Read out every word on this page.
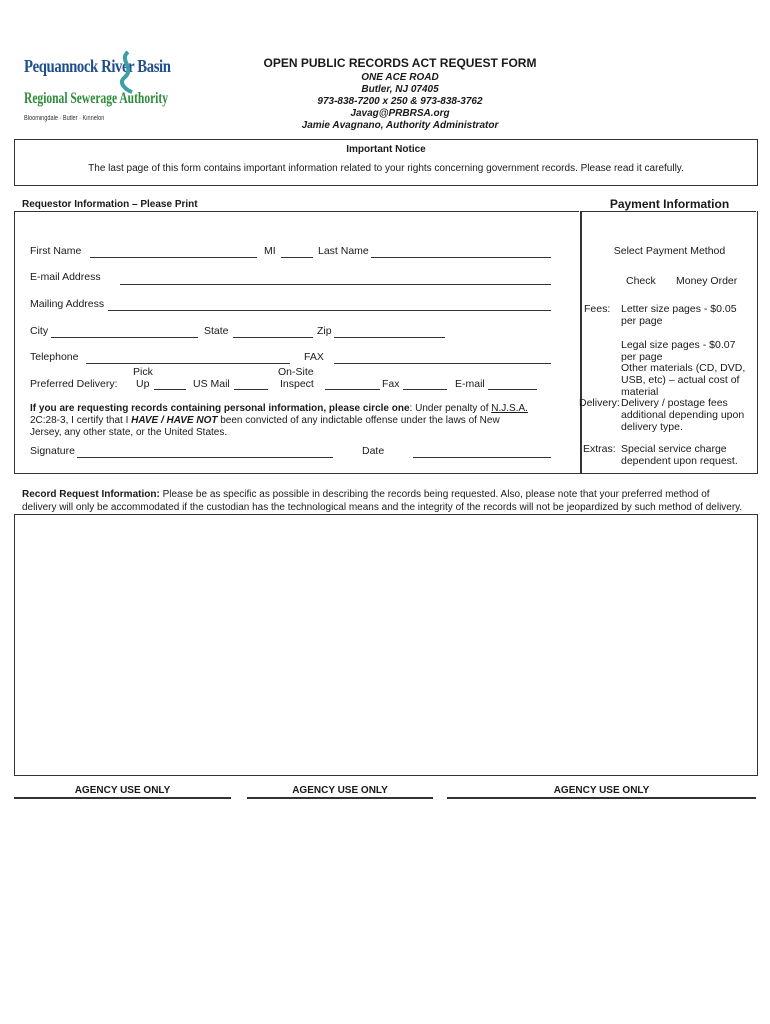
Pequannock River Basin
Regional Sewerage Authority
Bloomingdale · Butler · Kinnelon
OPEN PUBLIC RECORDS ACT REQUEST FORM
ONE ACE ROAD
Butler, NJ 07405
973-838-7200 x 250 & 973-838-3762
Javag@PRBRSA.org
Jamie Avagnano, Authority Administrator
Important Notice
The last page of this form contains important information related to your rights concerning government records. Please read it carefully.
Requestor Information – Please Print
First Name	MI	Last Name
E-mail Address
Mailing Address
City	State	Zip
Telephone	FAX
Preferred Delivery:
Pick
Up	US Mail
On-Site
Inspect	Fax	E-mail
If you are requesting records containing personal information, please circle one: Under penalty of N.J.S.A.
2C:28-3, I certify that I HAVE / HAVE NOT been convicted of any indictable offense under the laws of New
Jersey, any other state, or the United States.
Signature	Date
Payment Information
Select Payment Method
Check Money Order
Fees: Letter size pages - $0.05
per page
Legal size pages - $0.07
per page
Other materials (CD, DVD,
USB, etc) – actual cost of
material
Delivery: Delivery / postage fees
additional depending upon
delivery type.
Extras: Special service charge
dependent upon request.
Record Request Information: Please be as specific as possible in describing the records being requested. Also, please note that your preferred method of
delivery will only be accommodated if the custodian has the technological means and the integrity of the records will not be jeopardized by such method of delivery.
AGENCY USE ONLY	AGENCY USE ONLY	AGENCY USE ONLY
